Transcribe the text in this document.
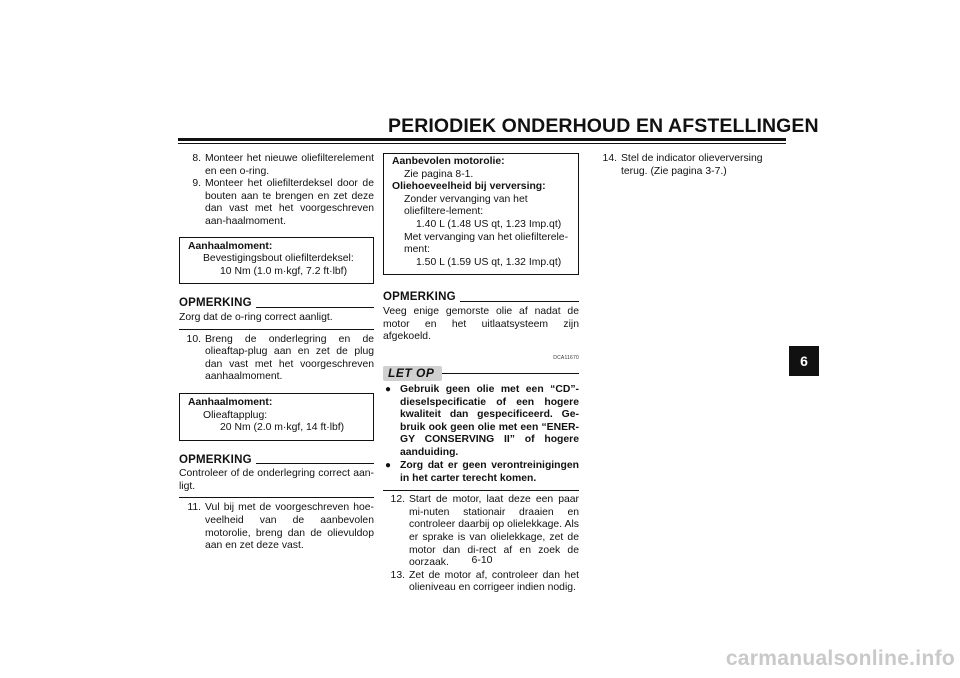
PERIODIEK ONDERHOUD EN AFSTELLINGEN
8. Monteer het nieuwe oliefilterelement en een o-ring.
9. Monteer het oliefilterdeksel door de bouten aan te brengen en zet deze dan vast met het voorgeschreven aan-haalmoment.
Aanhaalmoment:
Bevestigingsbout oliefilterdeksel:
10 Nm (1.0 m·kgf, 7.2 ft·lbf)
OPMERKING
Zorg dat de o-ring correct aanligt.
10. Breng de onderlegring en de olieaftap-plug aan en zet de plug dan vast met het voorgeschreven aanhaalmoment.
Aanhaalmoment:
Olieaftapplug:
20 Nm (2.0 m·kgf, 14 ft·lbf)
OPMERKING
Controleer of de onderlegring correct aan-ligt.
11. Vul bij met de voorgeschreven hoe-veelheid van de aanbevolen motorolie, breng dan de olievuldop aan en zet deze vast.
Aanbevolen motorolie:
Zie pagina 8-1.
Oliehoeveelheid bij verversing:
Zonder vervanging van het oliefiltere-lement:
1.40 L (1.48 US qt, 1.23 Imp.qt)
Met vervanging van het oliefilterele-ment:
1.50 L (1.59 US qt, 1.32 Imp.qt)
OPMERKING
Veeg enige gemorste olie af nadat de motor en het uitlaatsysteem zijn afgekoeld.
DCA11670
LET OP
● Gebruik geen olie met een “CD”-dieselspecificatie of een hogere kwaliteit dan gespecificeerd. Ge-bruik ook geen olie met een “ENER-GY CONSERVING II” of hogere aanduiding.
● Zorg dat er geen verontreinigingen in het carter terecht komen.
12. Start de motor, laat deze een paar mi-nuten stationair draaien en controleer daarbij op olielekkage. Als er sprake is van olielekkage, zet de motor dan di-rect af en zoek de oorzaak.
13. Zet de motor af, controleer dan het olieniveau en corrigeer indien nodig.
14. Stel de indicator olieverversing terug. (Zie pagina 3-7.)
6
6-10
carmanualsonline.info
